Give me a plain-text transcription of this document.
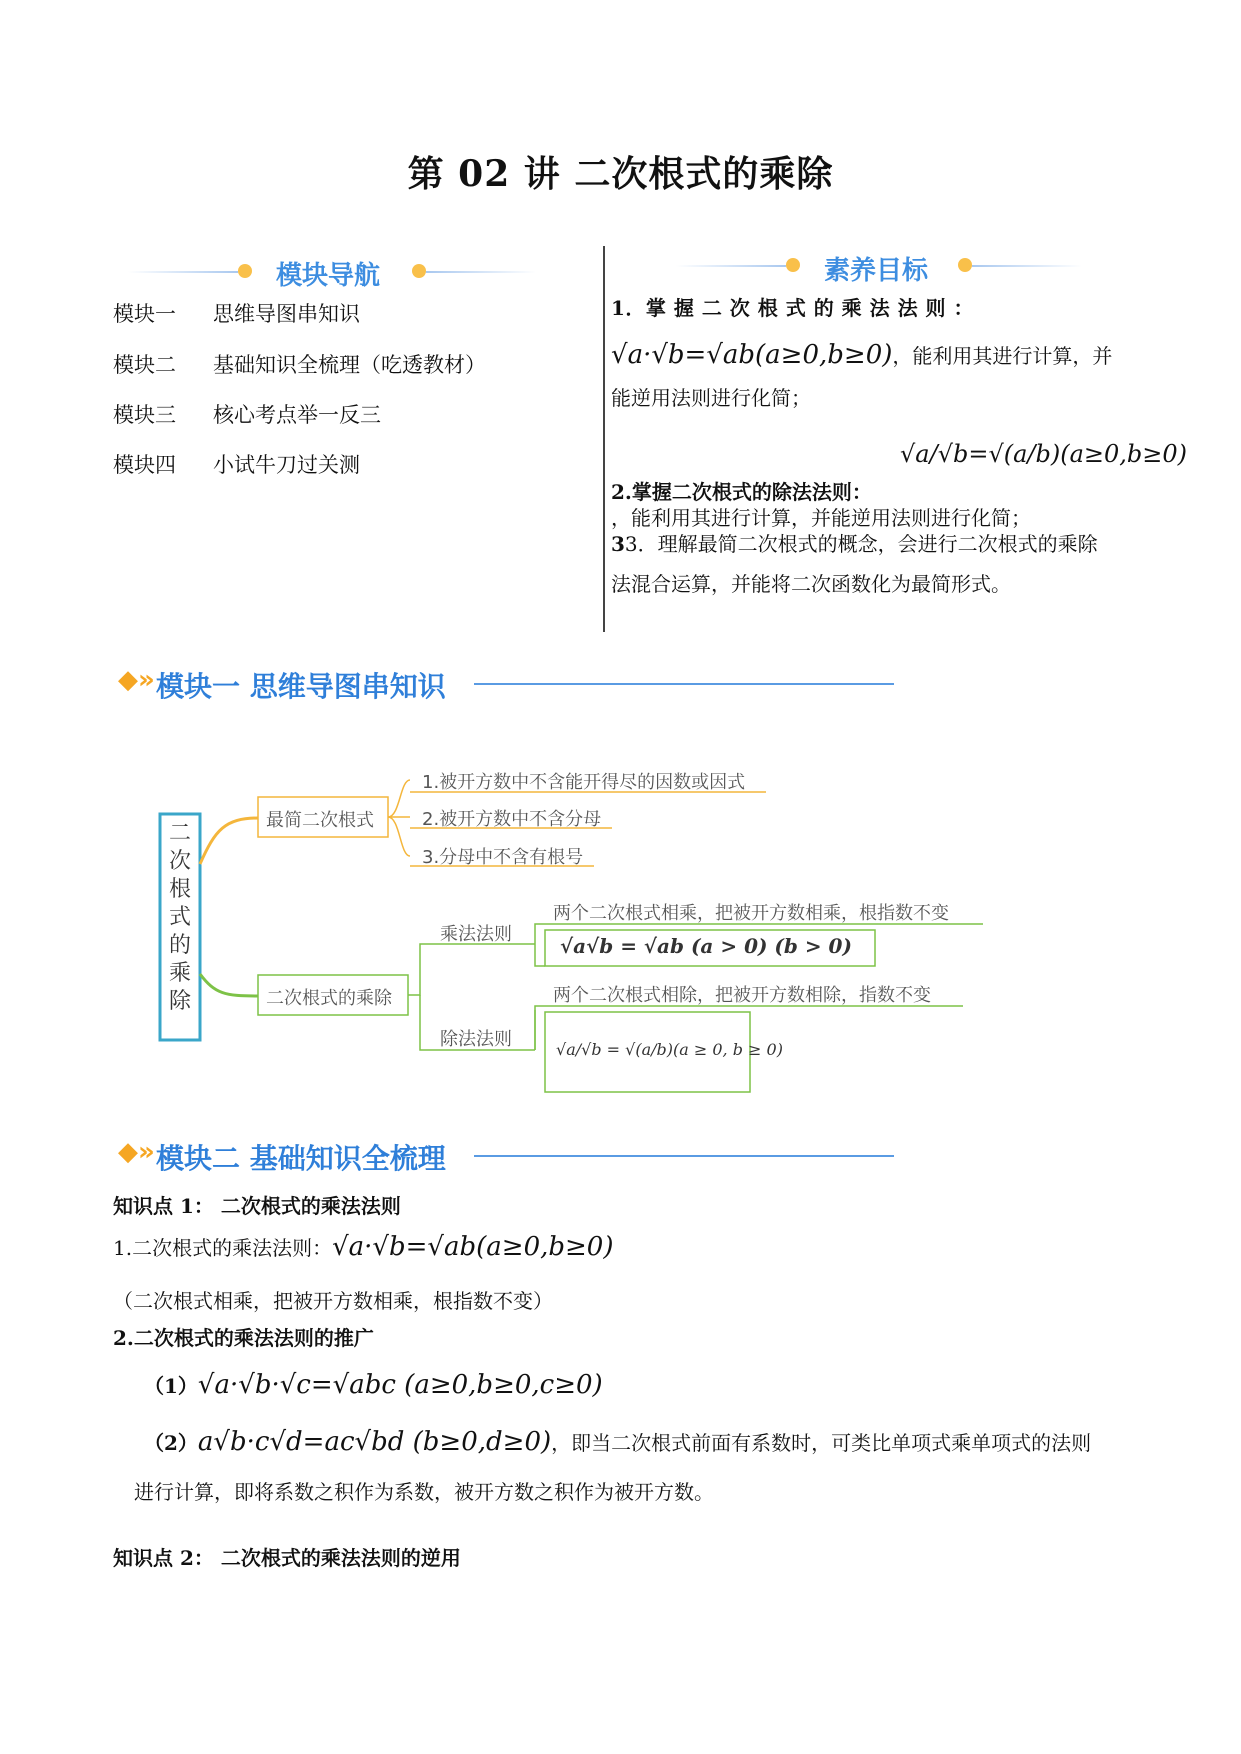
第 02 讲 二次根式的乘除
模块导航
模块一 思维导图串知识
模块二 基础知识全梳理（吃透教材）
模块三 核心考点举一反三
模块四 小试牛刀过关测
素养目标
1．掌 握 二 次 根 式 的 乘 法 法 则 ：
√a·√b=√ab(a≥0,b≥0)，能利用其进行计算，并
能逆用法则进行化简；
√a/√b=√(a/b)(a≥0,b≥0)
2.掌握二次根式的除法法则：
，能利用其进行计算，并能逆用法则进行化简；
33．理解最简二次根式的概念，会进行二次根式的乘除
法混合运算，并能将二次函数化为最简形式。
◆» 模块一 思维导图串知识
二
次
根
式
的
乘
除
最简二次根式
1.被开方数中不含能开得尽的因数或因式
2.被开方数中不含分母
3.分母中不含有根号
二次根式的乘除
乘法法则
两个二次根式相乘，把被开方数相乘，根指数不变
√a√b = √ab (a > 0) (b > 0)
除法法则
两个二次根式相除，把被开方数相除，指数不变
√a/√b = √(a/b)(a ≥ 0, b ≥ 0)
◆» 模块二 基础知识全梳理
知识点 1： 二次根式的乘法法则
1.二次根式的乘法法则：√a·√b=√ab(a≥0,b≥0)
（二次根式相乘，把被开方数相乘，根指数不变）
2.二次根式的乘法法则的推广
（1）√a·√b·√c=√abc (a≥0,b≥0,c≥0)
（2）a√b·c√d=ac√bd (b≥0,d≥0)，即当二次根式前面有系数时，可类比单项式乘单项式的法则
进行计算，即将系数之积作为系数，被开方数之积作为被开方数。
知识点 2： 二次根式的乘法法则的逆用
